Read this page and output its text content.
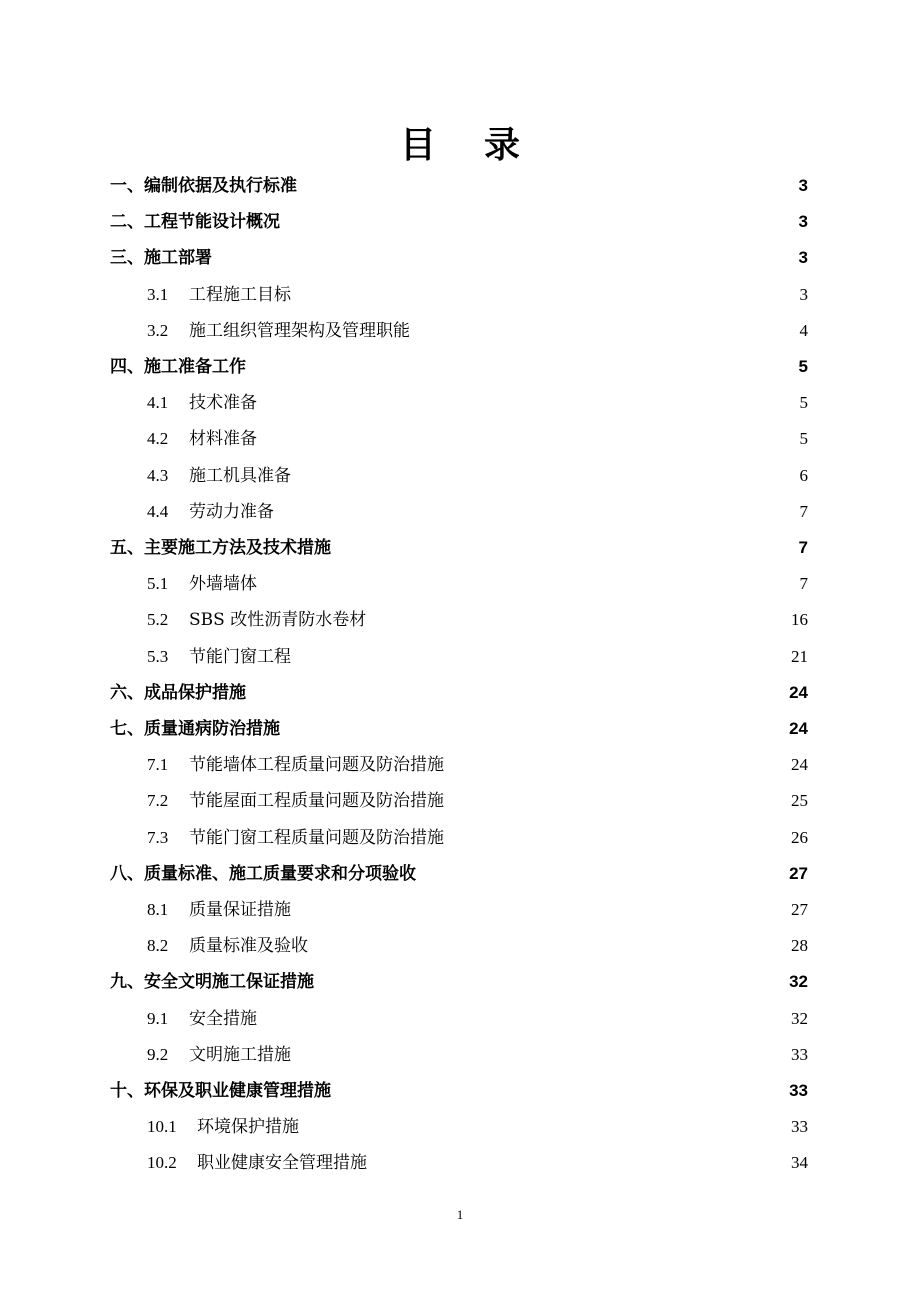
目 录
一、编制依据及执行标准	3
二、工程节能设计概况	3
三、施工部署	3
3.1	工程施工目标	3
3.2	施工组织管理架构及管理职能	4
四、施工准备工作	5
4.1	技术准备	5
4.2	材料准备	5
4.3	施工机具准备	6
4.4	劳动力准备	7
五、主要施工方法及技术措施	7
5.1	外墙墙体	7
5.2	SBS 改性沥青防水卷材	16
5.3	节能门窗工程	21
六、成品保护措施	24
七、质量通病防治措施	24
7.1	节能墙体工程质量问题及防治措施	24
7.2	节能屋面工程质量问题及防治措施	25
7.3	节能门窗工程质量问题及防治措施	26
八、质量标准、施工质量要求和分项验收	27
8.1	质量保证措施	27
8.2	质量标准及验收	28
九、安全文明施工保证措施	32
9.1	安全措施	32
9.2	文明施工措施	33
十、环保及职业健康管理措施	33
10.1 环境保护措施	33
10.2 职业健康安全管理措施	34
1
